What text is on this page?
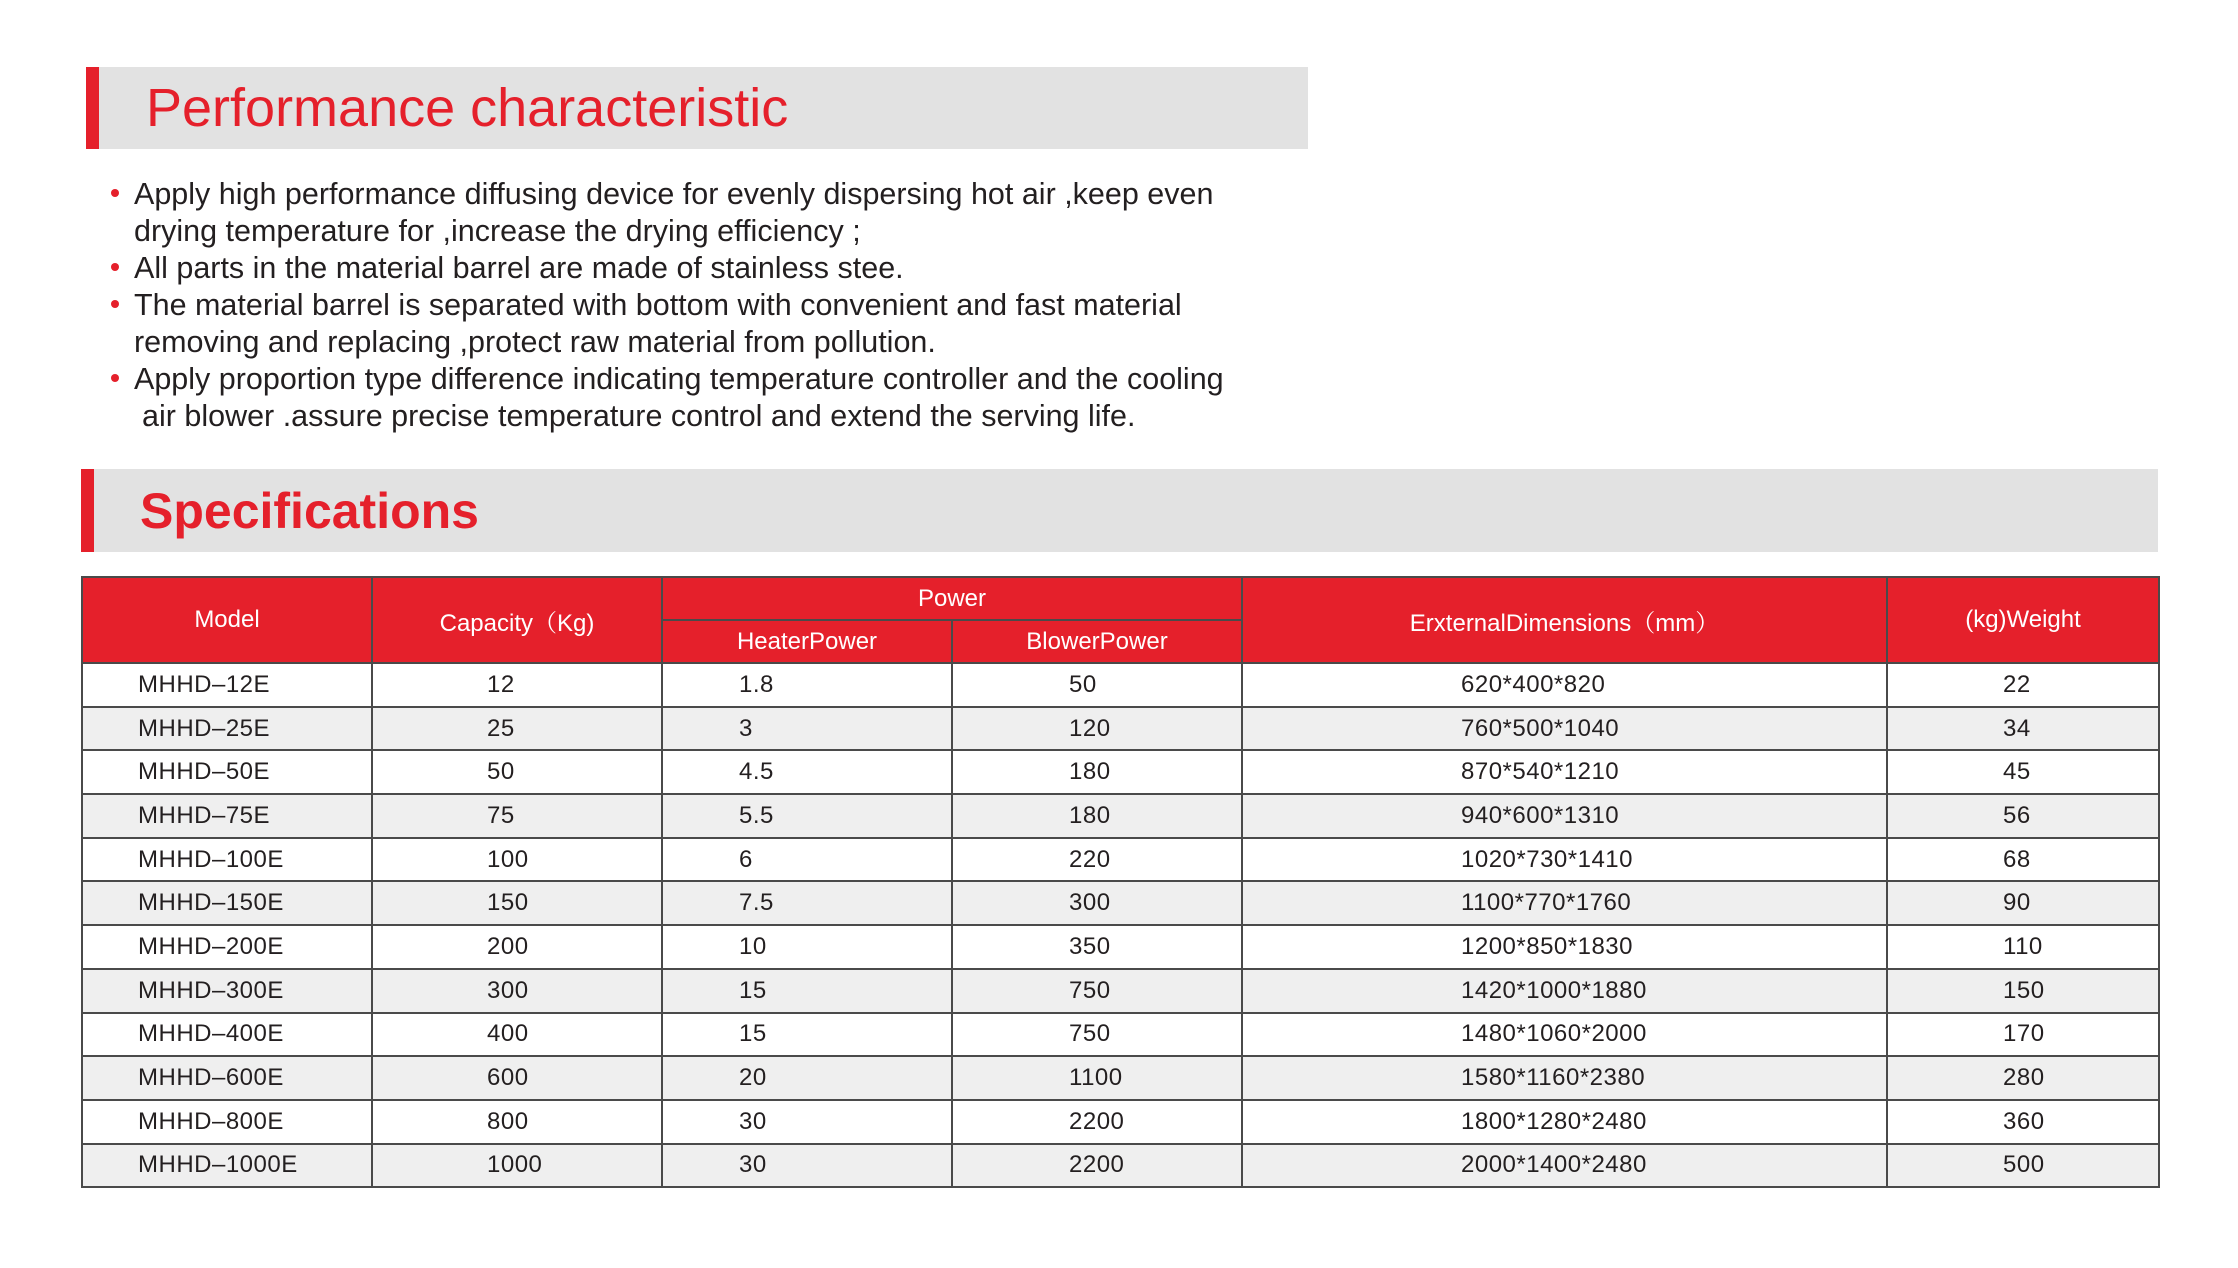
Performance characteristic
Apply high performance diffusing device for evenly dispersing hot air ,keep even
drying temperature for ,increase the drying efficiency ;
All parts in the material barrel are made of stainless stee.
The material barrel is separated with bottom with convenient and fast material
removing and replacing ,protect raw material from pollution.
Apply proportion type difference indicating temperature controller and the cooling
air blower .assure precise temperature control and extend the serving life.
Specifications
Model	Capacity（Kg)	Power		ErxternalDimensions（mm）	(kg)Weight
		HeaterPower	BlowerPower		
MHHD–12E	12	1.8	50	620*400*820	22
MHHD–25E	25	3	120	760*500*1040	34
MHHD–50E	50	4.5	180	870*540*1210	45
MHHD–75E	75	5.5	180	940*600*1310	56
MHHD–100E	100	6	220	1020*730*1410	68
MHHD–150E	150	7.5	300	1100*770*1760	90
MHHD–200E	200	10	350	1200*850*1830	110
MHHD–300E	300	15	750	1420*1000*1880	150
MHHD–400E	400	15	750	1480*1060*2000	170
MHHD–600E	600	20	1100	1580*1160*2380	280
MHHD–800E	800	30	2200	1800*1280*2480	360
MHHD–1000E	1000	30	2200	2000*1400*2480	500
